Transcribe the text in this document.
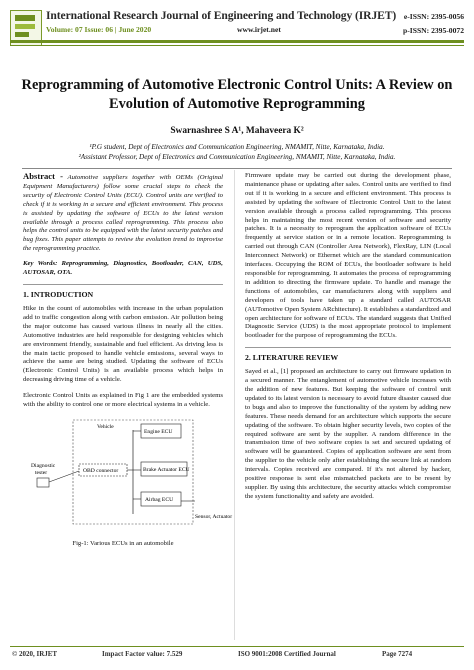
International Research Journal of Engineering and Technology (IRJET)
Volume: 07 Issue: 06 | June 2020	www.irjet.net
e-ISSN: 2395-0056
p-ISSN: 2395-0072
Reprogramming of Automotive Electronic Control Units: A Review on Evolution of Automotive Reprogramming
Swarnashree S A¹, Mahaveera K²
¹P.G student, Dept of Electronics and Communication Engineering, NMAMIT, Nitte, Karnataka, India.
²Assistant Professor, Dept of Electronics and Communication Engineering, NMAMIT, Nitte, Karnataka, India.

Abstract - Automotive suppliers together with OEMs (Original Equipment Manufacturers) follow some crucial steps to check the security of Electronic Control Units (ECU). Control units are verified to check if it is working in a secure and efficient environment. This process is assisted by updating the software of ECUs to the latest version available through a process called reprogramming. This process also helps the control units to be equipped with the latest security patches and bug fixes. This paper attempts to review the evolution trend to improvise the reprogramming practice.

Key Words: Reprogramming, Diagnostics, Bootloader, CAN, UDS, AUTOSAR, OTA.

1. INTRODUCTION

Hike in the count of automobiles with increase in the urban population add to traffic congestion along with carbon emission. Air pollution being the major outcome has caused various illness in nearly all the cities. Automotive industries are held responsible for designing vehicles which are environment friendly, sustainable and fuel efficient. As driving less is the main tactic proposed to handle vehicle emissions, several ways to achieve the same are being studied. Updating the software of ECUs (Electronic Control Units) is an available process which helps in decreasing driving time of a vehicle.

Electronic Control Units as explained in Fig 1 are the embedded systems with the ability to control one or more electrical systems in a vehicle.

Vehicle
Engine ECU
OBD connector	Brake Actuator ECU
Airbag ECU
Sensor, Actuator
Diagnostic
tester
Fig-1: Various ECUs in an automobile

Firmware update may be carried out during the development phase, maintenance phase or updating after sales. Control units are verified to find out if it is working in a secure and efficient environment. This process is assisted by updating the software of Electronic Control Unit to the latest version available through a process called reprogramming. This process helps in maintaining the most recent version of software and security patches. It is a necessity to reprogram the application software of ECUs frequently at service station or in a remote location. Reprogramming is carried out through CAN (Controller Area Network), FlexRay, LIN (Local Interconnect Network) or Ethernet which are the standard communication interfaces. Occupying the ROM of ECUs, the bootloader software is held responsible for reprogramming. It automates the process of reprogramming in addition to directing the firmware update. To handle and manage the functions of automobiles, car manufacturers along with suppliers and developers of tools have taken up a standard called AUTOSAR (AUTomotive Open System ARchitecture). It establishes a standardized and open architecture for software of ECUs. The standard suggests that Unified Diagnostic Service (UDS) is the most appropriate protocol to implement bootloader for the purpose of reprogramming the ECUs.

2. LITERATURE REVIEW

Sayed et al., [1] proposed an architecture to carry out firmware updation in a secured manner. The entanglement of automotive vehicle increases with the addition of new features. But keeping the software of control unit updated to its latest version is necessary to avoid future disaster caused due to bugs and also to improve the functionality of the system by adding new features. These needs demand for an architecture which supports the secure updating of the software. To obtain higher security levels, two copies of the required software are sent by the supplier. A random difference in the transmission time of two software copies is set and secured updating of software will be guaranteed. Copies of application software are sent from the supplier to the vehicle only after establishing the secure link at random intervals. Copies received are compared. If it's not altered by hacker, positive response is sent else mismatched packets are to be resent by supplier. By using this architecture, the security attacks which compromise the system functionality and safety are avoided.

© 2020, IRJET	Impact Factor value: 7.529	ISO 9001:2008 Certified Journal	Page 7274
